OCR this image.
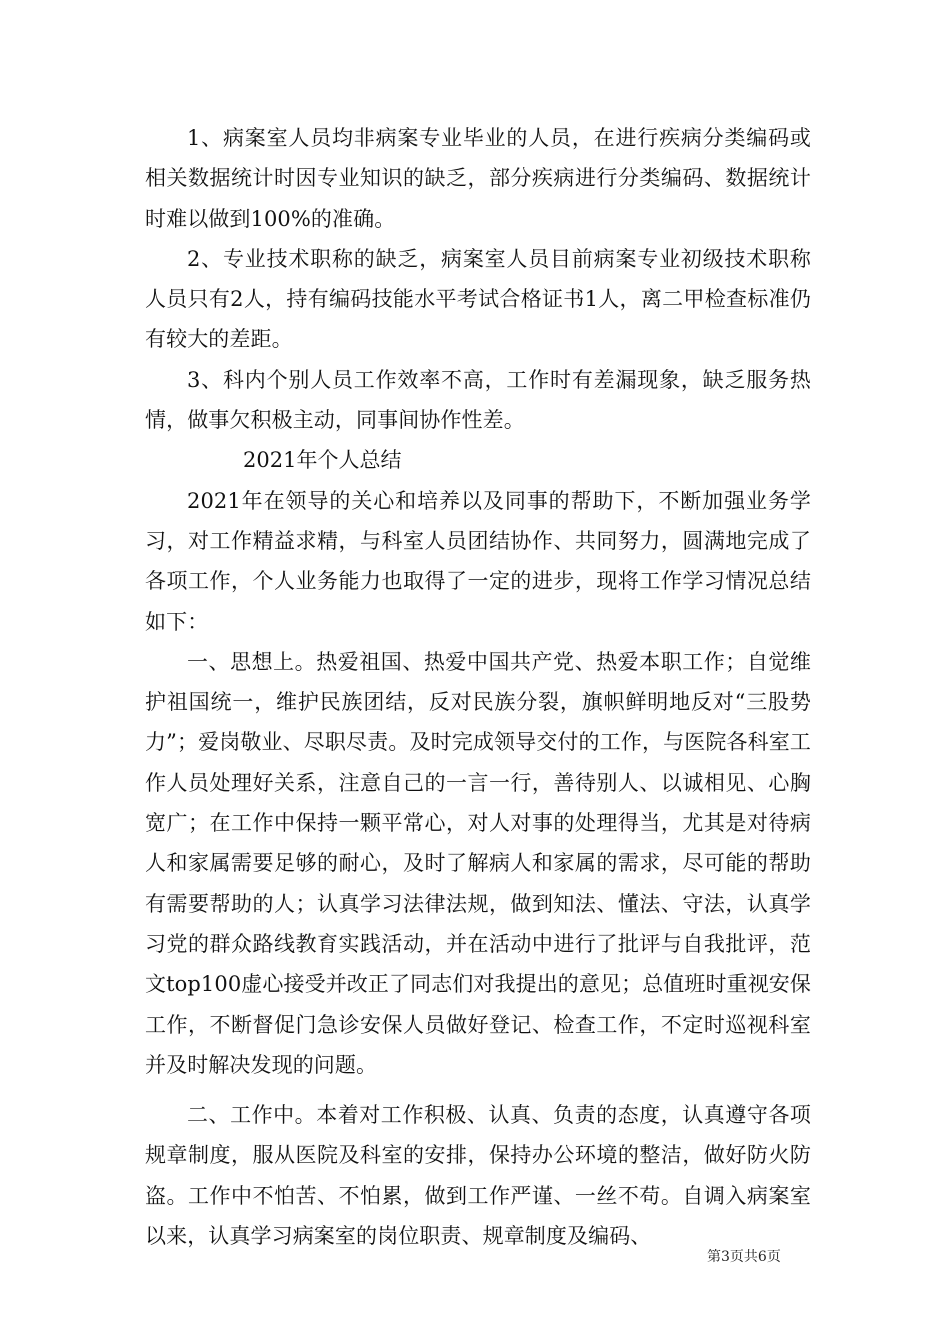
1、病案室人员均非病案专业毕业的人员，在进行疾病分类编码或相关数据统计时因专业知识的缺乏，部分疾病进行分类编码、数据统计时难以做到100%的准确。

2、专业技术职称的缺乏，病案室人员目前病案专业初级技术职称人员只有2人，持有编码技能水平考试合格证书1人，离二甲检查标准仍有较大的差距。

3、科内个别人员工作效率不高，工作时有差漏现象，缺乏服务热情，做事欠积极主动，同事间协作性差。

2021年个人总结

2021年在领导的关心和培养以及同事的帮助下，不断加强业务学习，对工作精益求精，与科室人员团结协作、共同努力，圆满地完成了各项工作，个人业务能力也取得了一定的进步，现将工作学习情况总结如下：

一、思想上。热爱祖国、热爱中国共产党、热爱本职工作；自觉维护祖国统一，维护民族团结，反对民族分裂，旗帜鲜明地反对“三股势力”；爱岗敬业、尽职尽责。及时完成领导交付的工作，与医院各科室工作人员处理好关系，注意自己的一言一行，善待别人、以诚相见、心胸宽广；在工作中保持一颗平常心，对人对事的处理得当，尤其是对待病人和家属需要足够的耐心，及时了解病人和家属的需求，尽可能的帮助有需要帮助的人；认真学习法律法规，做到知法、懂法、守法，认真学习党的群众路线教育实践活动，并在活动中进行了批评与自我批评，范文top100虚心接受并改正了同志们对我提出的意见；总值班时重视安保工作，不断督促门急诊安保人员做好登记、检查工作，不定时巡视科室并及时解决发现的问题。

二、工作中。本着对工作积极、认真、负责的态度，认真遵守各项规章制度，服从医院及科室的安排，保持办公环境的整洁，做好防火防盗。工作中不怕苦、不怕累，做到工作严谨、一丝不苟。自调入病案室以来，认真学习病案室的岗位职责、规章制度及编码、

第3页共6页
